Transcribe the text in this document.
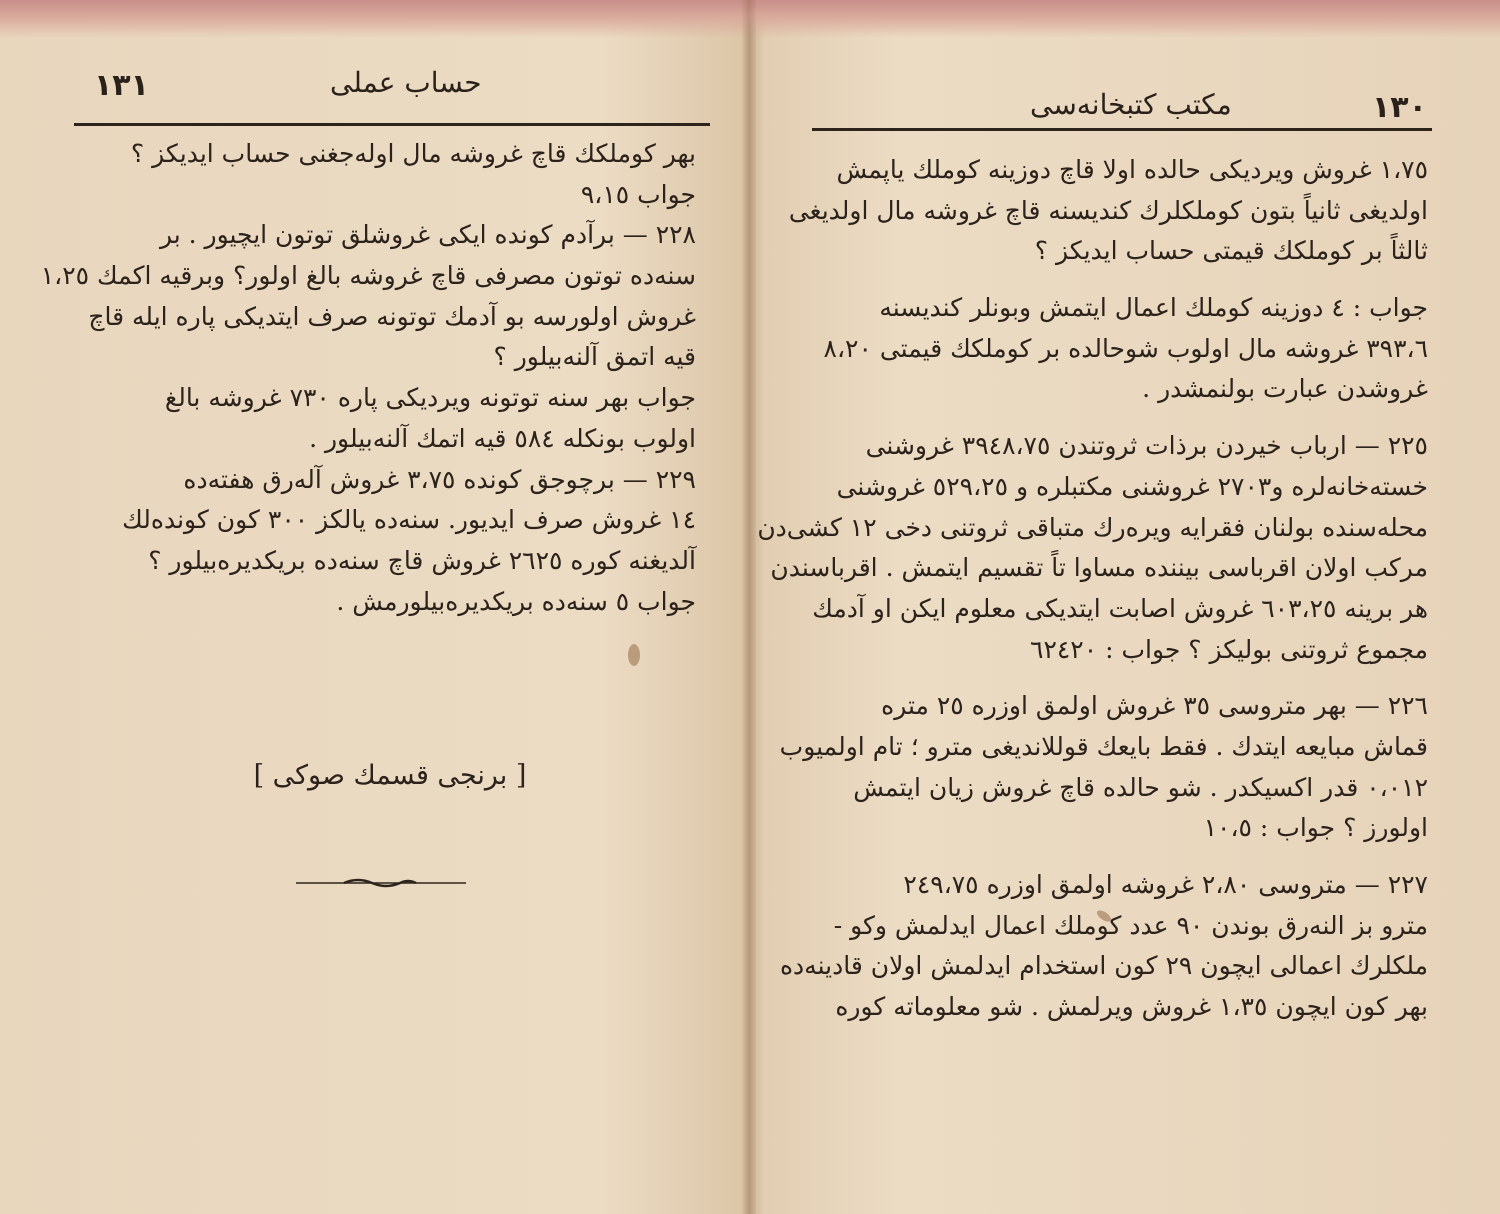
١٣١	حساب عملى
بهر كوملكك قاچ غروشه مال اوله‌جغنى حساب ايديكز ؟
جواب ٩،١٥
٢٢٨ — برآدم كونده ايكى غروشلق توتون ايچيور . بر
سنه‌ده توتون مصرفى قاچ غروشه بالغ اولور؟ وبرقيه اكمك ١،٢٥
غروش اولورسه بو آدمك توتونه صرف ايتديكى پاره ايله قاچ
قيه اتمق آلنه‌بيلور ؟
جواب بهر سنه توتونه ويرديكى پاره ٧٣٠ غروشه بالغ
اولوب بونكله ٥٨٤ قيه اتمك آلنه‌بيلور .
٢٢٩ — برچوجق كونده ٣،٧٥ غروش آله‌رق هفته‌ده
١٤ غروش صرف ايديور. سنه‌ده يالكز ٣٠٠ كون كونده‌لك
آلديغنه كوره ٢٦٢٥ غروش قاچ سنه‌ده بريكديره‌بيلور ؟
جواب ٥ سنه‌ده بريكديره‌بيلورمش .
[ برنجى قسمك صوكى ]
١٣٠
مكتب كتبخانه‌سى
١،٧٥ غروش ويرديكى حالده اولا قاچ دوزينه كوملك ياپمش
اولديغى ثانياً بتون كوملكلرك كنديسنه قاچ غروشه مال اولديغى
ثالثاً بر كوملكك قيمتى حساب ايديكز ؟
جواب : ٤ دوزينه كوملك اعمال ايتمش وبونلر كنديسنه
٣٩٣،٦ غروشه مال اولوب شوحالده بر كوملكك قيمتى ٨،٢٠
غروشدن عبارت بولنمشدر .
٢٢٥ — ارباب خيردن برذات ثروتندن ٣٩٤٨،٧٥ غروشنى
خسته‌خانه‌لره و٢٧٠٣ غروشنى مكتبلره و ٥٢٩،٢٥ غروشنى
محله‌سنده بولنان فقرايه ويره‌رك متباقى ثروتنى دخى ١٢ كشى‌دن
مركب اولان اقرباسى بيننده مساوا تاً تقسيم ايتمش . اقرباسندن
هر برينه ٦٠٣،٢٥ غروش اصابت ايتديكى معلوم ايكن او آدمك
مجموع ثروتنى بوليكز ؟ جواب : ٦٢٤٢٠
٢٢٦ — بهر متروسى ٣٥ غروش اولمق اوزره ٢٥ متره
قماش مبايعه ايتدك . فقط بايعك قوللانديغى مترو ؛ تام اولميوب
٠،٠١٢ قدر اكسيكدر . شو حالده قاچ غروش زيان ايتمش
اولورز ؟ جواب : ١٠،٥
٢٢٧ — متروسى ٢،٨٠ غروشه اولمق اوزره ٢٤٩،٧٥
مترو بز النه‌رق بوندن ٩٠ عدد كوملك اعمال ايدلمش وكو -
ملكلرك اعمالى ايچون ٢٩ كون استخدام ايدلمش اولان قادينه‌ده
بهر كون ايچون ١،٣٥ غروش ويرلمش . شو معلوماته كوره
